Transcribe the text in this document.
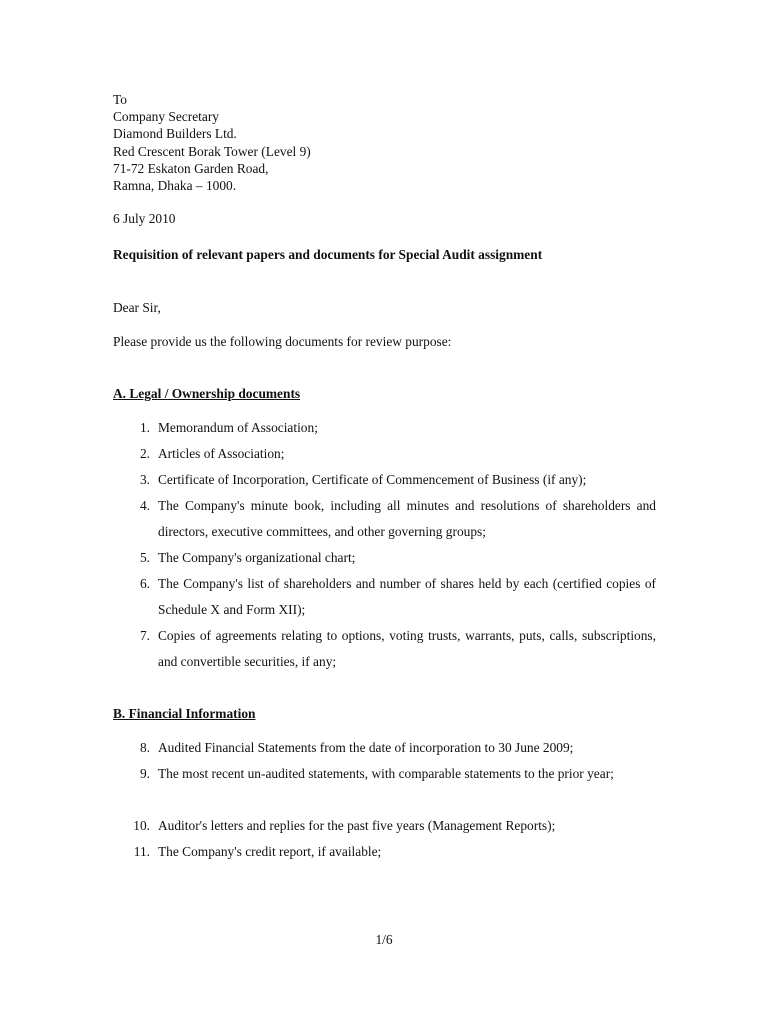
To
Company Secretary
Diamond Builders Ltd.
Red Crescent Borak Tower (Level 9)
71-72 Eskaton Garden Road,
Ramna, Dhaka – 1000.
6 July 2010
Requisition of relevant papers and documents for Special Audit assignment
Dear Sir,
Please provide us the following documents for review purpose:
A. Legal / Ownership documents
1. Memorandum of Association;
2. Articles of Association;
3. Certificate of Incorporation, Certificate of Commencement of Business (if any);
4. The Company's minute book, including all minutes and resolutions of shareholders and directors, executive committees, and other governing groups;
5. The Company's organizational chart;
6. The Company's list of shareholders and number of shares held by each (certified copies of Schedule X and Form XII);
7. Copies of agreements relating to options, voting trusts, warrants, puts, calls, subscriptions, and convertible securities, if any;
B. Financial Information
8. Audited Financial Statements from the date of incorporation to 30 June 2009;
9. The most recent un-audited statements, with comparable statements to the prior year;
10. Auditor's letters and replies for the past five years (Management Reports);
11. The Company's credit report, if available;
1/6
